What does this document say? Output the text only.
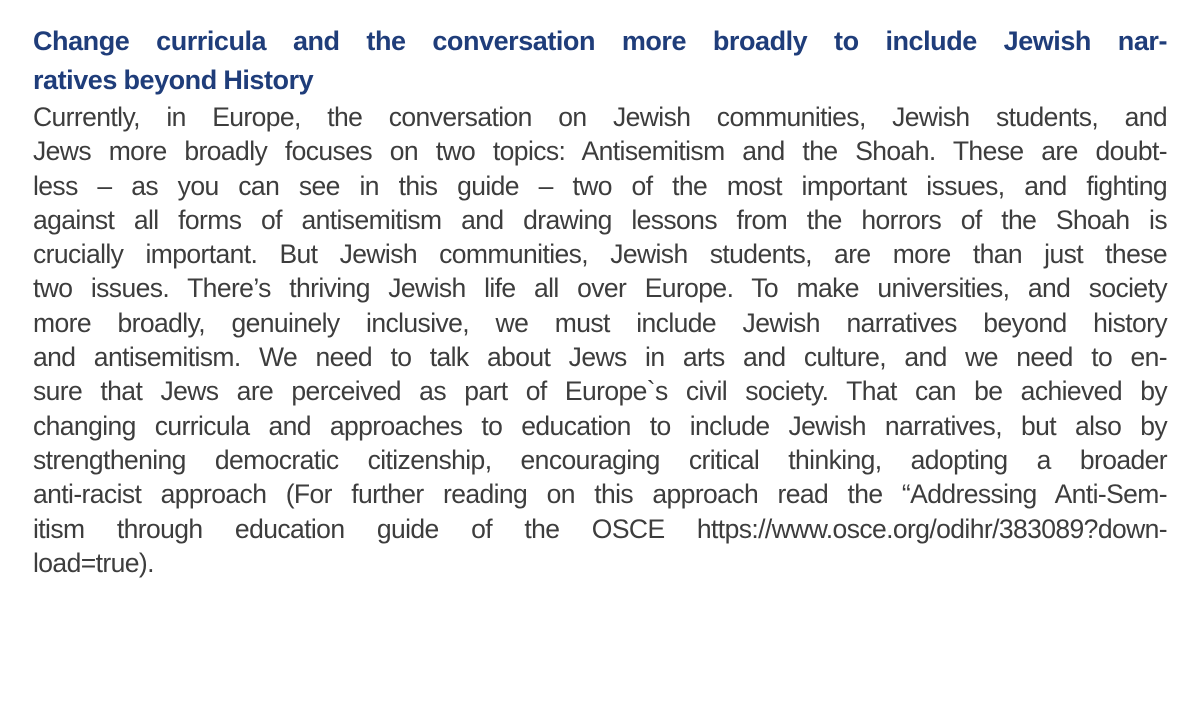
Change curricula and the conversation more broadly to include Jewish nar-
ratives beyond History

Currently, in Europe, the conversation on Jewish communities, Jewish students, and
Jews more broadly focuses on two topics: Antisemitism and the Shoah. These are doubt-
less – as you can see in this guide – two of the most important issues, and fighting
against all forms of antisemitism and drawing lessons from the horrors of the Shoah is
crucially important. But Jewish communities, Jewish students, are more than just these
two issues. There’s thriving Jewish life all over Europe. To make universities, and society
more broadly, genuinely inclusive, we must include Jewish narratives beyond history
and antisemitism. We need to talk about Jews in arts and culture, and we need to en-
sure that Jews are perceived as part of Europe`s civil society. That can be achieved by
changing curricula and approaches to education to include Jewish narratives, but also by
strengthening democratic citizenship, encouraging critical thinking, adopting a broader
anti-racist approach (For further reading on this approach read the “Addressing Anti-Sem-
itism through education guide of the OSCE https://www.osce.org/odihr/383089?down-
load=true).
